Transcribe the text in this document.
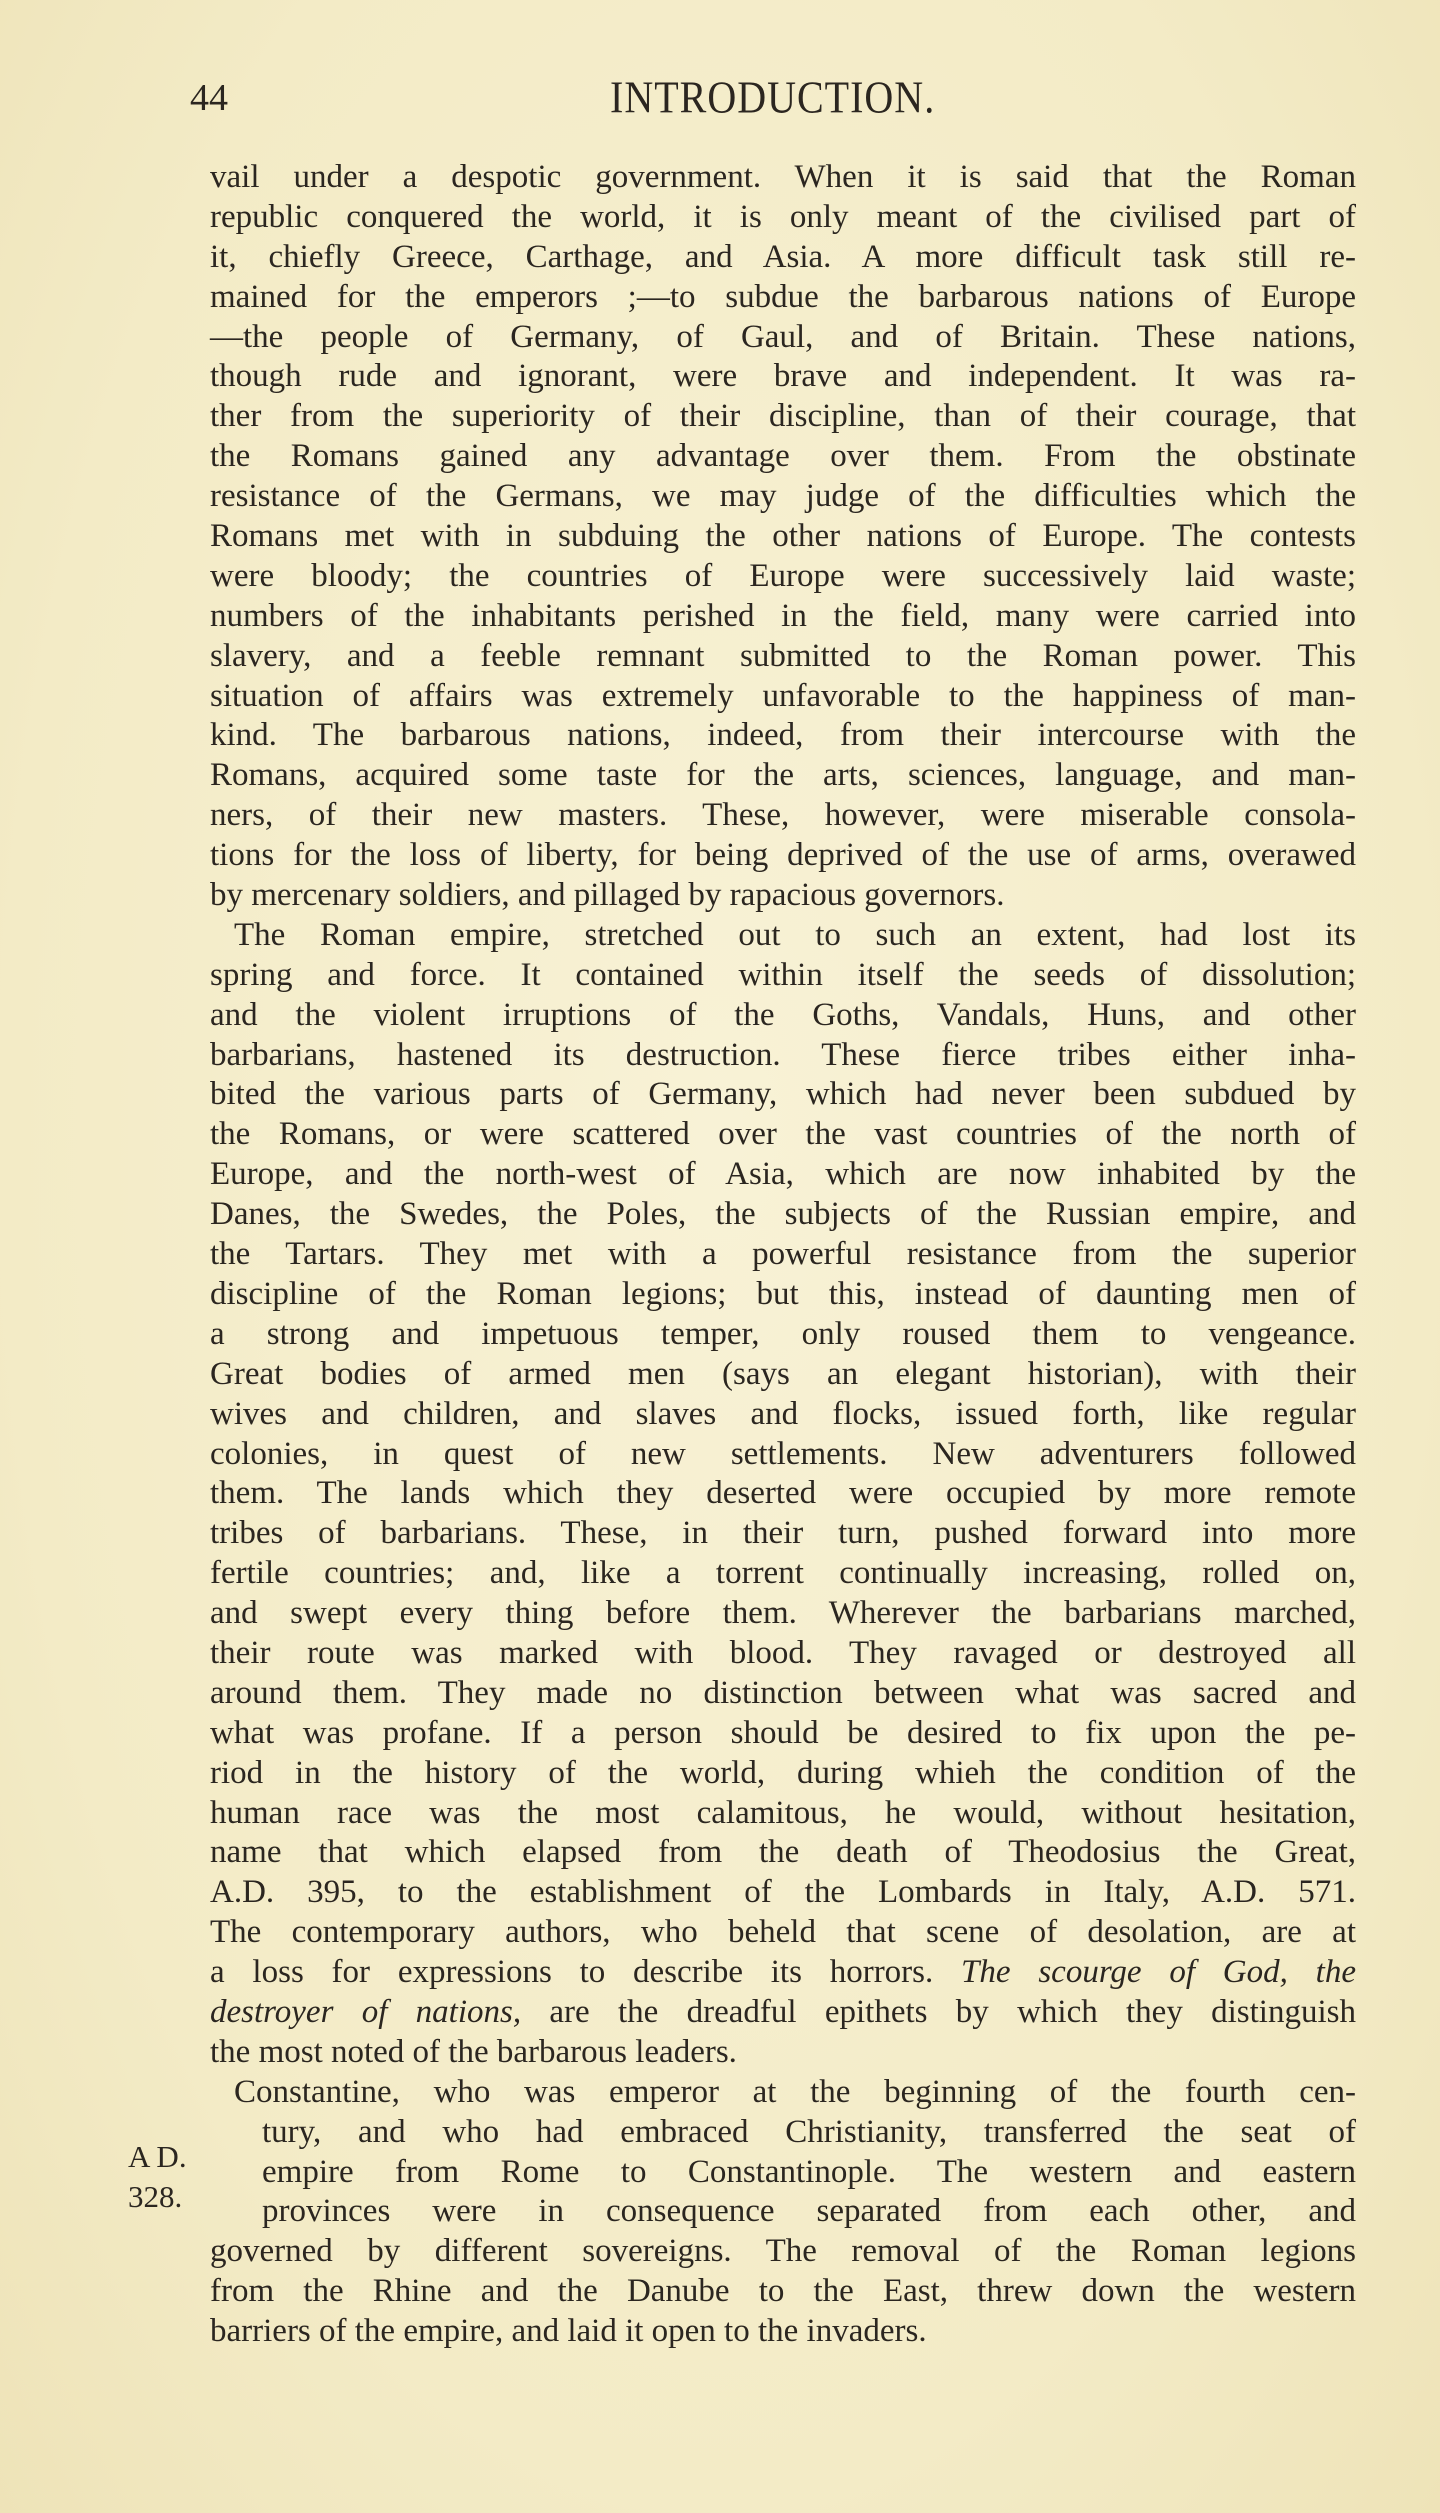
44	INTRODUCTION.
A D.
328.
vail under a despotic government. When it is said that the Roman
republic conquered the world, it is only meant of the civilised part of
it, chiefly Greece, Carthage, and Asia. A more difficult task still re-
mained for the emperors ;—to subdue the barbarous nations of Europe
—the people of Germany, of Gaul, and of Britain. These nations,
though rude and ignorant, were brave and independent. It was ra-
ther from the superiority of their discipline, than of their courage, that
the Romans gained any advantage over them. From the obstinate
resistance of the Germans, we may judge of the difficulties which the
Romans met with in subduing the other nations of Europe. The contests
were bloody; the countries of Europe were successively laid waste;
numbers of the inhabitants perished in the field, many were carried into
slavery, and a feeble remnant submitted to the Roman power. This
situation of affairs was extremely unfavorable to the happiness of man-
kind. The barbarous nations, indeed, from their intercourse with the
Romans, acquired some taste for the arts, sciences, language, and man-
ners, of their new masters. These, however, were miserable consola-
tions for the loss of liberty, for being deprived of the use of arms, overawed
by mercenary soldiers, and pillaged by rapacious governors.
The Roman empire, stretched out to such an extent, had lost its
spring and force. It contained within itself the seeds of dissolution;
and the violent irruptions of the Goths, Vandals, Huns, and other
barbarians, hastened its destruction. These fierce tribes either inha-
bited the various parts of Germany, which had never been subdued by
the Romans, or were scattered over the vast countries of the north of
Europe, and the north-west of Asia, which are now inhabited by the
Danes, the Swedes, the Poles, the subjects of the Russian empire, and
the Tartars. They met with a powerful resistance from the superior
discipline of the Roman legions; but this, instead of daunting men of
a strong and impetuous temper, only roused them to vengeance.
Great bodies of armed men (says an elegant historian), with their
wives and children, and slaves and flocks, issued forth, like regular
colonies, in quest of new settlements. New adventurers followed
them. The lands which they deserted were occupied by more remote
tribes of barbarians. These, in their turn, pushed forward into more
fertile countries; and, like a torrent continually increasing, rolled on,
and swept every thing before them. Wherever the barbarians marched,
their route was marked with blood. They ravaged or destroyed all
around them. They made no distinction between what was sacred and
what was profane. If a person should be desired to fix upon the pe-
riod in the history of the world, during whieh the condition of the
human race was the most calamitous, he would, without hesitation,
name that which elapsed from the death of Theodosius the Great,
A.D. 395, to the establishment of the Lombards in Italy, A.D. 571.
The contemporary authors, who beheld that scene of desolation, are at
a loss for expressions to describe its horrors. The scourge of God, the
destroyer of nations, are the dreadful epithets by which they distinguish
the most noted of the barbarous leaders.
Constantine, who was emperor at the beginning of the fourth cen-
tury, and who had embraced Christianity, transferred the seat of
empire from Rome to Constantinople. The western and eastern
provinces were in consequence separated from each other, and
governed by different sovereigns. The removal of the Roman legions
from the Rhine and the Danube to the East, threw down the western
barriers of the empire, and laid it open to the invaders.
